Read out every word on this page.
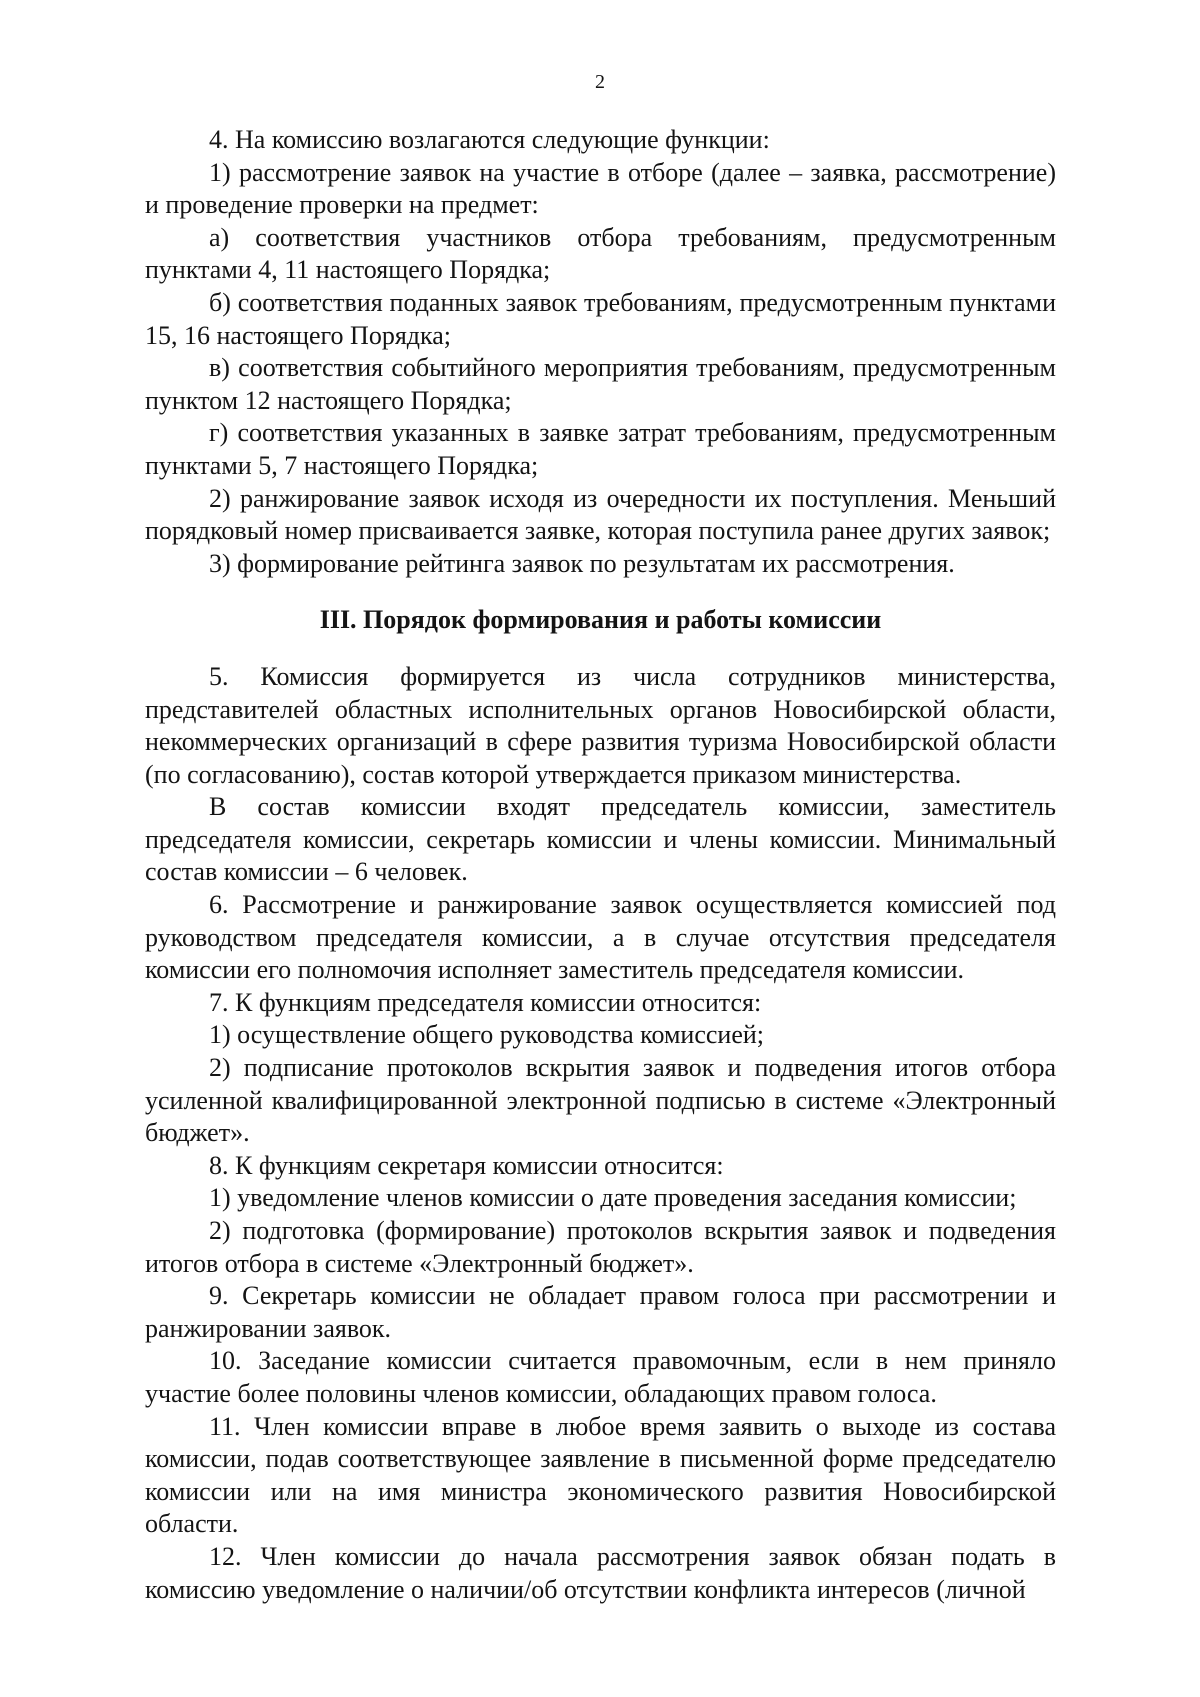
2

4. На комиссию возлагаются следующие функции:

1) рассмотрение заявок на участие в отборе (далее – заявка, рассмотрение) и проведение проверки на предмет:

а) соответствия участников отбора требованиям, предусмотренным пунктами 4, 11 настоящего Порядка;

б) соответствия поданных заявок требованиям, предусмотренным пунктами 15, 16 настоящего Порядка;

в) соответствия событийного мероприятия требованиям, предусмотренным пунктом 12 настоящего Порядка;

г) соответствия указанных в заявке затрат требованиям, предусмотренным пунктами 5, 7 настоящего Порядка;

2) ранжирование заявок исходя из очередности их поступления. Меньший порядковый номер присваивается заявке, которая поступила ранее других заявок;

3) формирование рейтинга заявок по результатам их рассмотрения.

III. Порядок формирования и работы комиссии

5. Комиссия формируется из числа сотрудников министерства, представителей областных исполнительных органов Новосибирской области, некоммерческих организаций в сфере развития туризма Новосибирской области (по согласованию), состав которой утверждается приказом министерства.

В состав комиссии входят председатель комиссии, заместитель председателя комиссии, секретарь комиссии и члены комиссии. Минимальный состав комиссии – 6 человек.

6. Рассмотрение и ранжирование заявок осуществляется комиссией под руководством председателя комиссии, а в случае отсутствия председателя комиссии его полномочия исполняет заместитель председателя комиссии.

7. К функциям председателя комиссии относится:

1) осуществление общего руководства комиссией;

2) подписание протоколов вскрытия заявок и подведения итогов отбора усиленной квалифицированной электронной подписью в системе «Электронный бюджет».

8. К функциям секретаря комиссии относится:

1) уведомление членов комиссии о дате проведения заседания комиссии;

2) подготовка (формирование) протоколов вскрытия заявок и подведения итогов отбора в системе «Электронный бюджет».

9. Секретарь комиссии не обладает правом голоса при рассмотрении и ранжировании заявок.

10. Заседание комиссии считается правомочным, если в нем приняло участие более половины членов комиссии, обладающих правом голоса.

11. Член комиссии вправе в любое время заявить о выходе из состава комиссии, подав соответствующее заявление в письменной форме председателю комиссии или на имя министра экономического развития Новосибирской области.

12. Член комиссии до начала рассмотрения заявок обязан подать в комиссию уведомление о наличии/об отсутствии конфликта интересов (личной
